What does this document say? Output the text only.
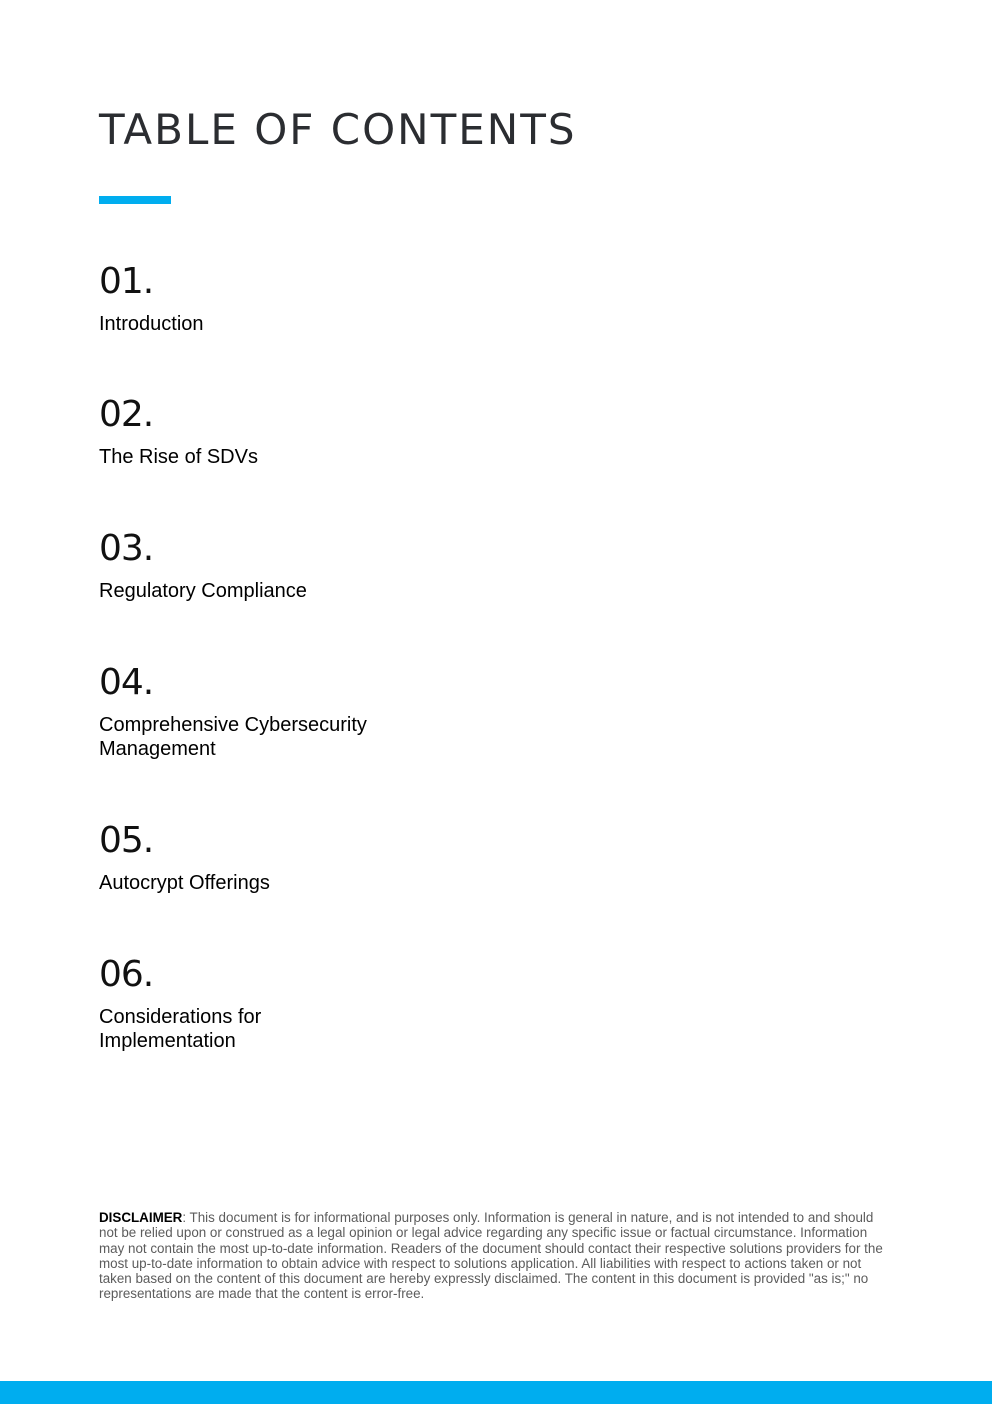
TABLE OF CONTENTS
01.
Introduction
02.
The Rise of SDVs
03.
Regulatory Compliance
04.
Comprehensive Cybersecurity Management
05.
Autocrypt Offerings
06.
Considerations for Implementation

DISCLAIMER: This document is for informational purposes only. Information is general in nature, and is not intended to and should not be relied upon or construed as a legal opinion or legal advice regarding any specific issue or factual circumstance. Information may not contain the most up-to-date information. Readers of the document should contact their respective solutions providers for the most up-to-date information to obtain advice with respect to solutions application. All liabilities with respect to actions taken or not taken based on the content of this document are hereby expressly disclaimed. The content in this document is provided "as is;" no representations are made that the content is error-free.
